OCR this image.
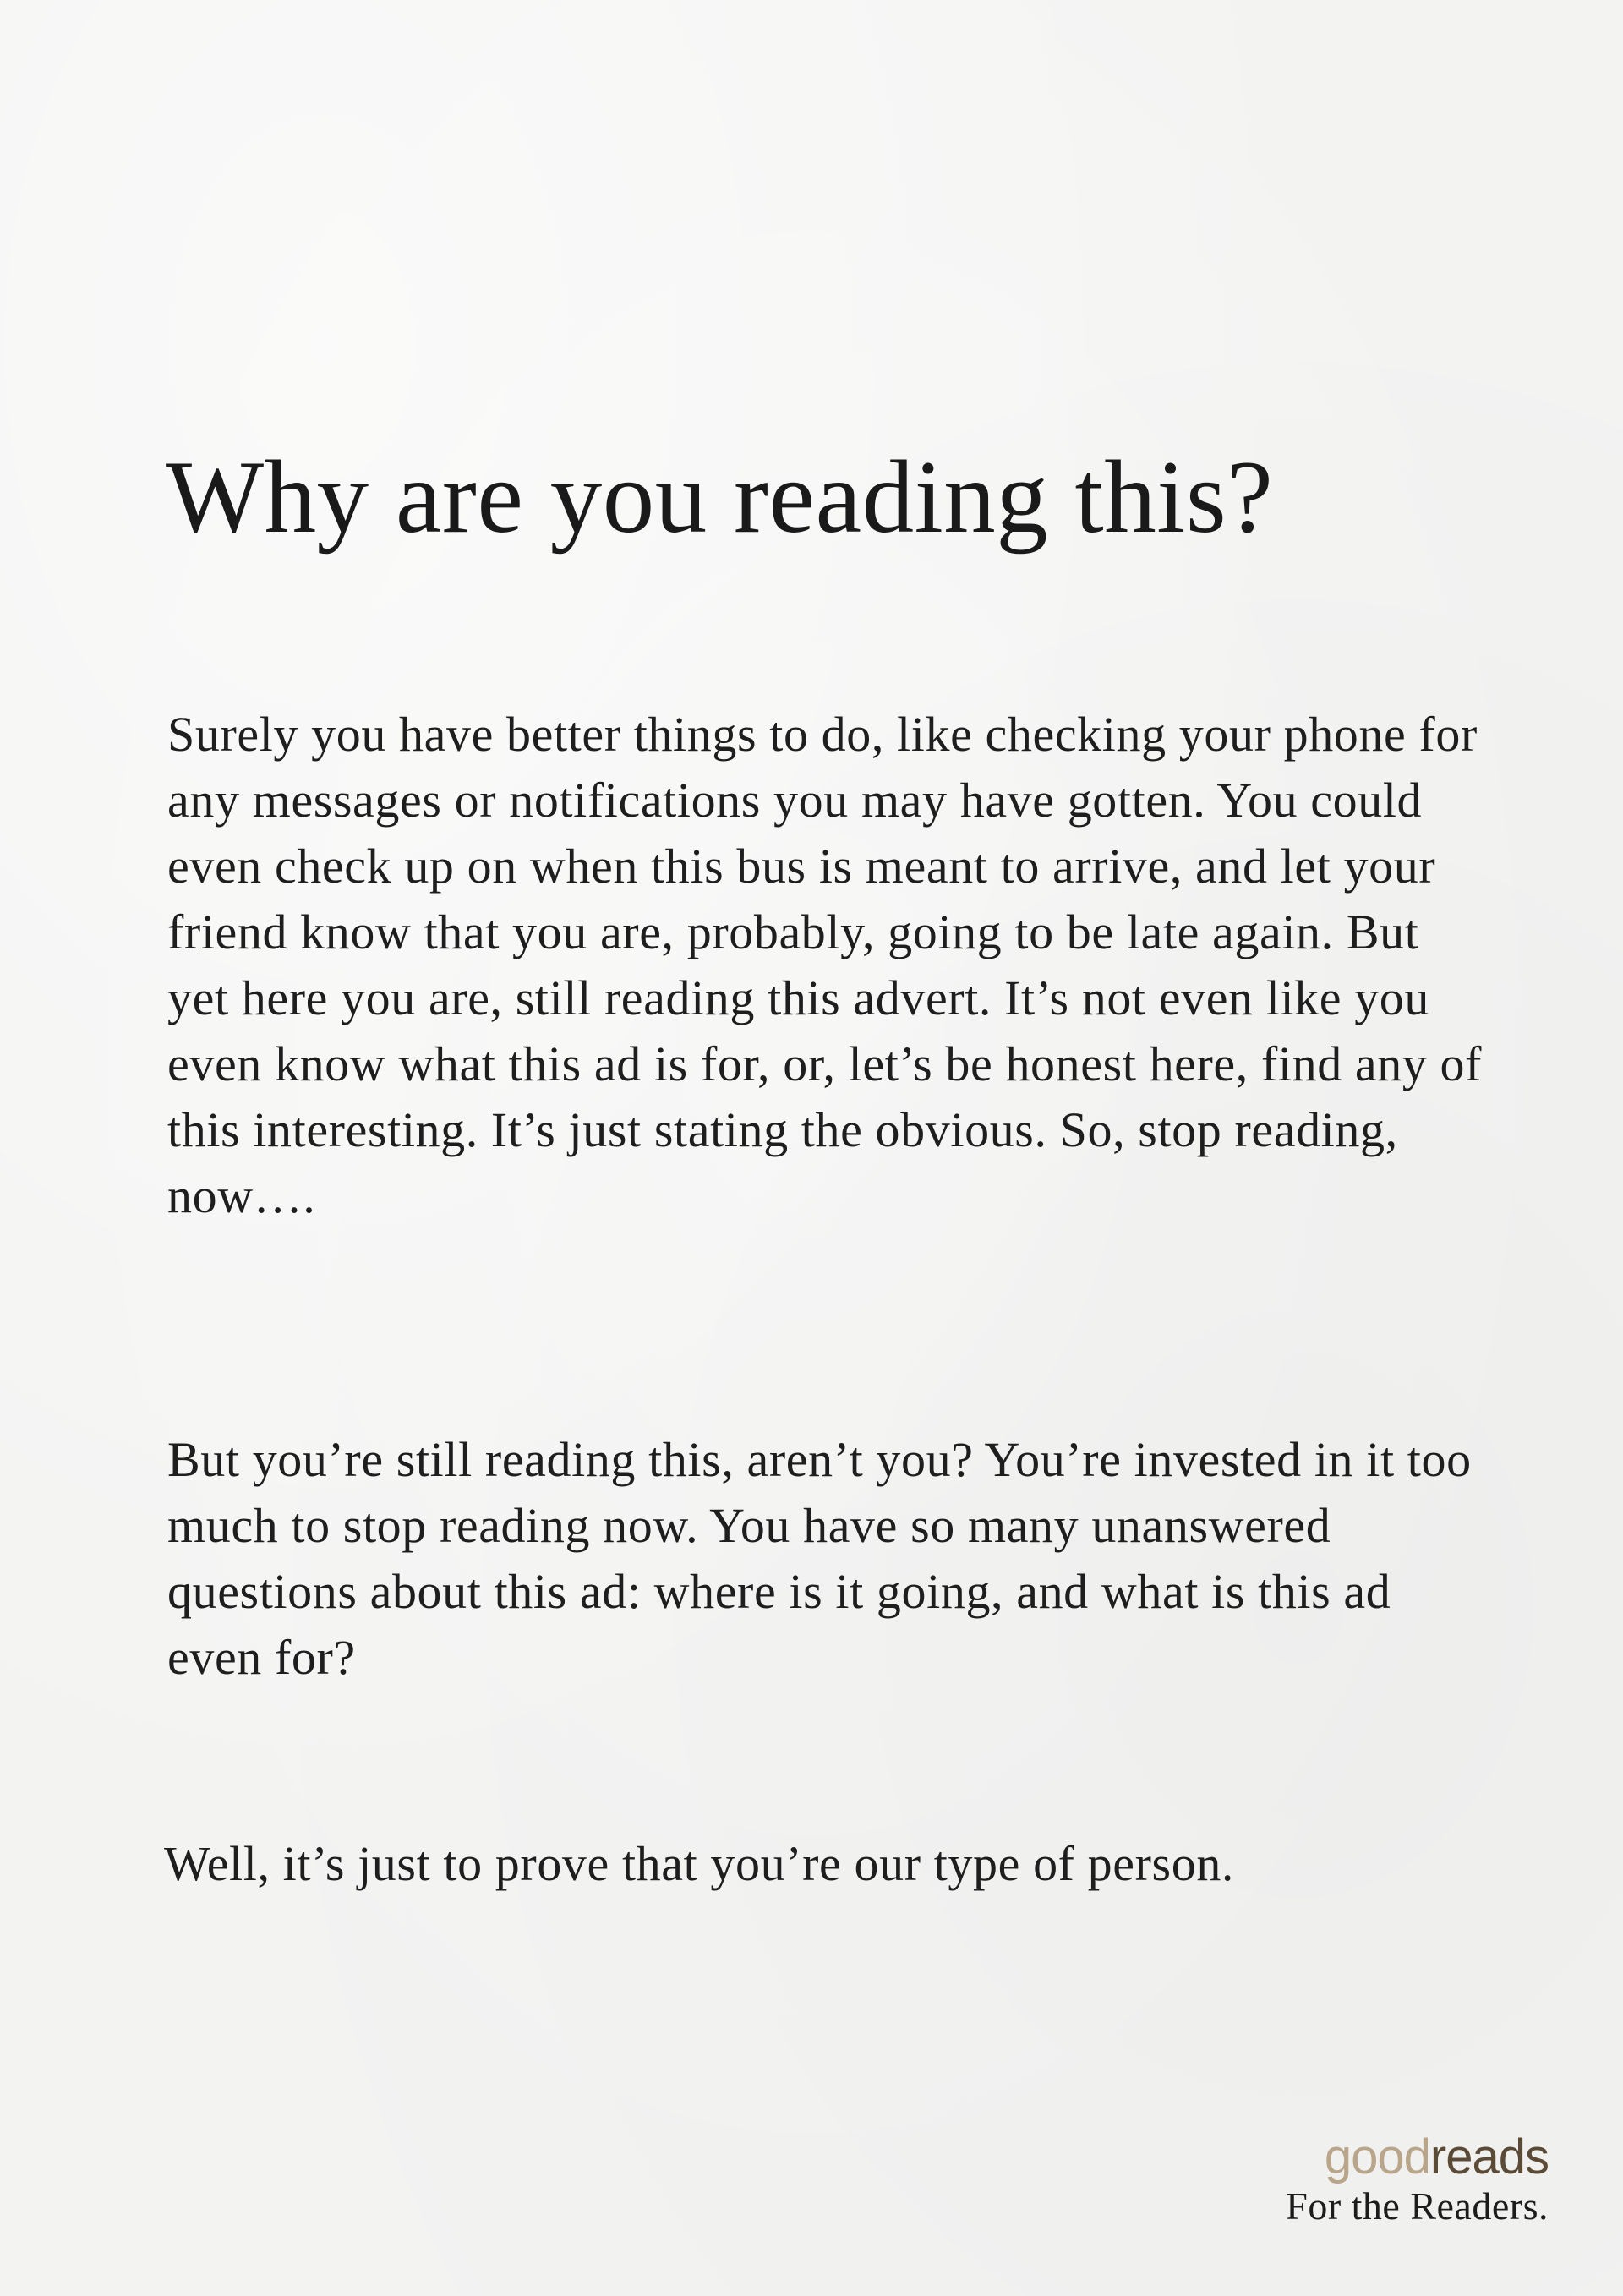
Why are you reading this?

Surely you have better things to do, like checking your phone for any messages or notifications you may have gotten. You could even check up on when this bus is meant to arrive, and let your friend know that you are, probably, going to be late again. But yet here you are, still reading this advert. It’s not even like you even know what this ad is for, or, let’s be honest here, find any of this interesting. It’s just stating the obvious. So, stop reading, now….

But you’re still reading this, aren’t you? You’re invested in it too much to stop reading now. You have so many unanswered questions about this ad: where is it going, and what is this ad even for?

Well, it’s just to prove that you’re our type of person.

goodreads
For the Readers.
